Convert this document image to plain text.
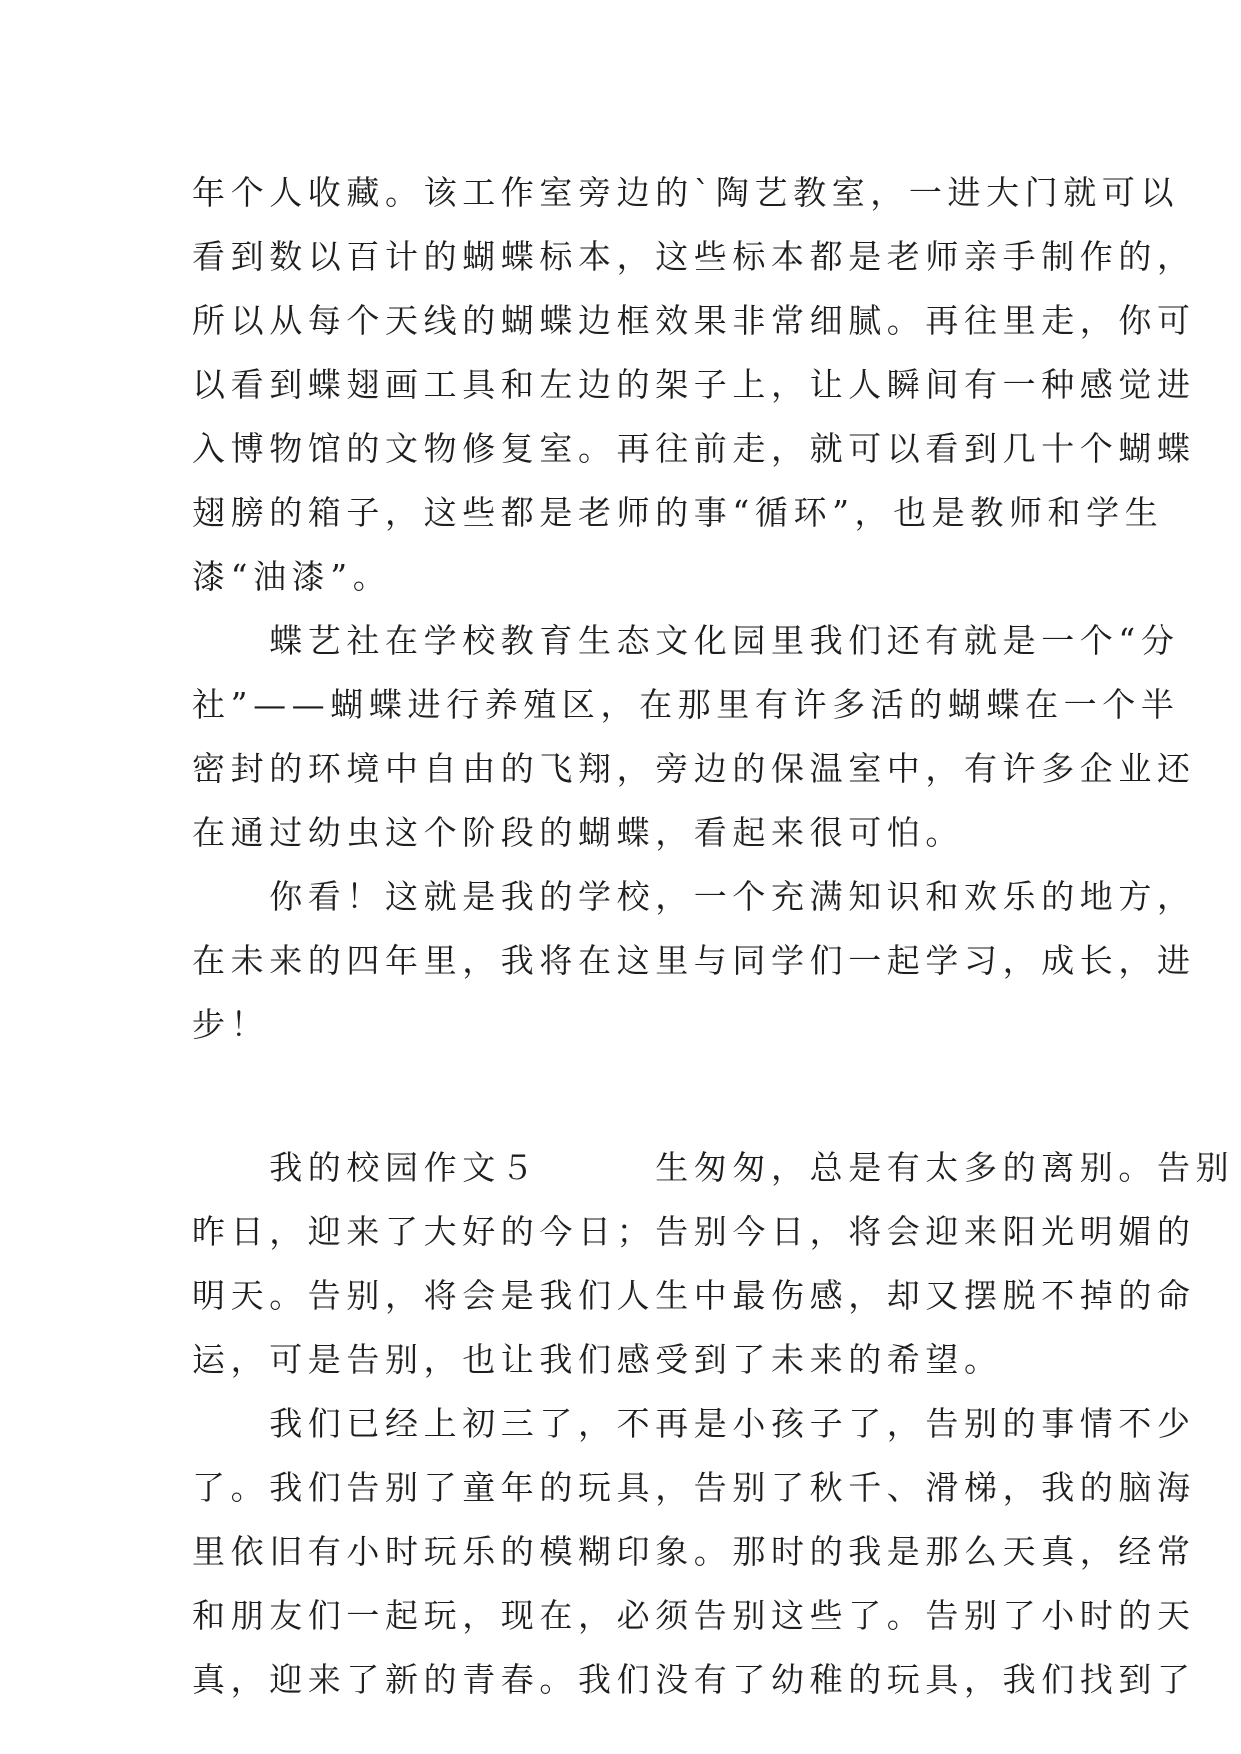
年个人收藏。该工作室旁边的`陶艺教室，一进大门就可以
看到数以百计的蝴蝶标本，这些标本都是老师亲手制作的，
所以从每个天线的蝴蝶边框效果非常细腻。再往里走，你可
以看到蝶翅画工具和左边的架子上，让人瞬间有一种感觉进
入博物馆的文物修复室。再往前走，就可以看到几十个蝴蝶
翅膀的箱子，这些都是老师的事“循环”，也是教师和学生
漆“油漆”。
　　蝶艺社在学校教育生态文化园里我们还有就是一个“分
社”——蝴蝶进行养殖区，在那里有许多活的蝴蝶在一个半
密封的环境中自由的飞翔，旁边的保温室中，有许多企业还
在通过幼虫这个阶段的蝴蝶，看起来很可怕。
　　你看！这就是我的学校，一个充满知识和欢乐的地方，
在未来的四年里，我将在这里与同学们一起学习，成长，进
步！
　　我的校园作文５　　　生匆匆，总是有太多的离别。告别
昨日，迎来了大好的今日；告别今日，将会迎来阳光明媚的
明天。告别，将会是我们人生中最伤感，却又摆脱不掉的命
运，可是告别，也让我们感受到了未来的希望。
　　我们已经上初三了，不再是小孩子了，告别的事情不少
了。我们告别了童年的玩具，告别了秋千、滑梯，我的脑海
里依旧有小时玩乐的模糊印象。那时的我是那么天真，经常
和朋友们一起玩，现在，必须告别这些了。告别了小时的天
真，迎来了新的青春。我们没有了幼稚的玩具，我们找到了
